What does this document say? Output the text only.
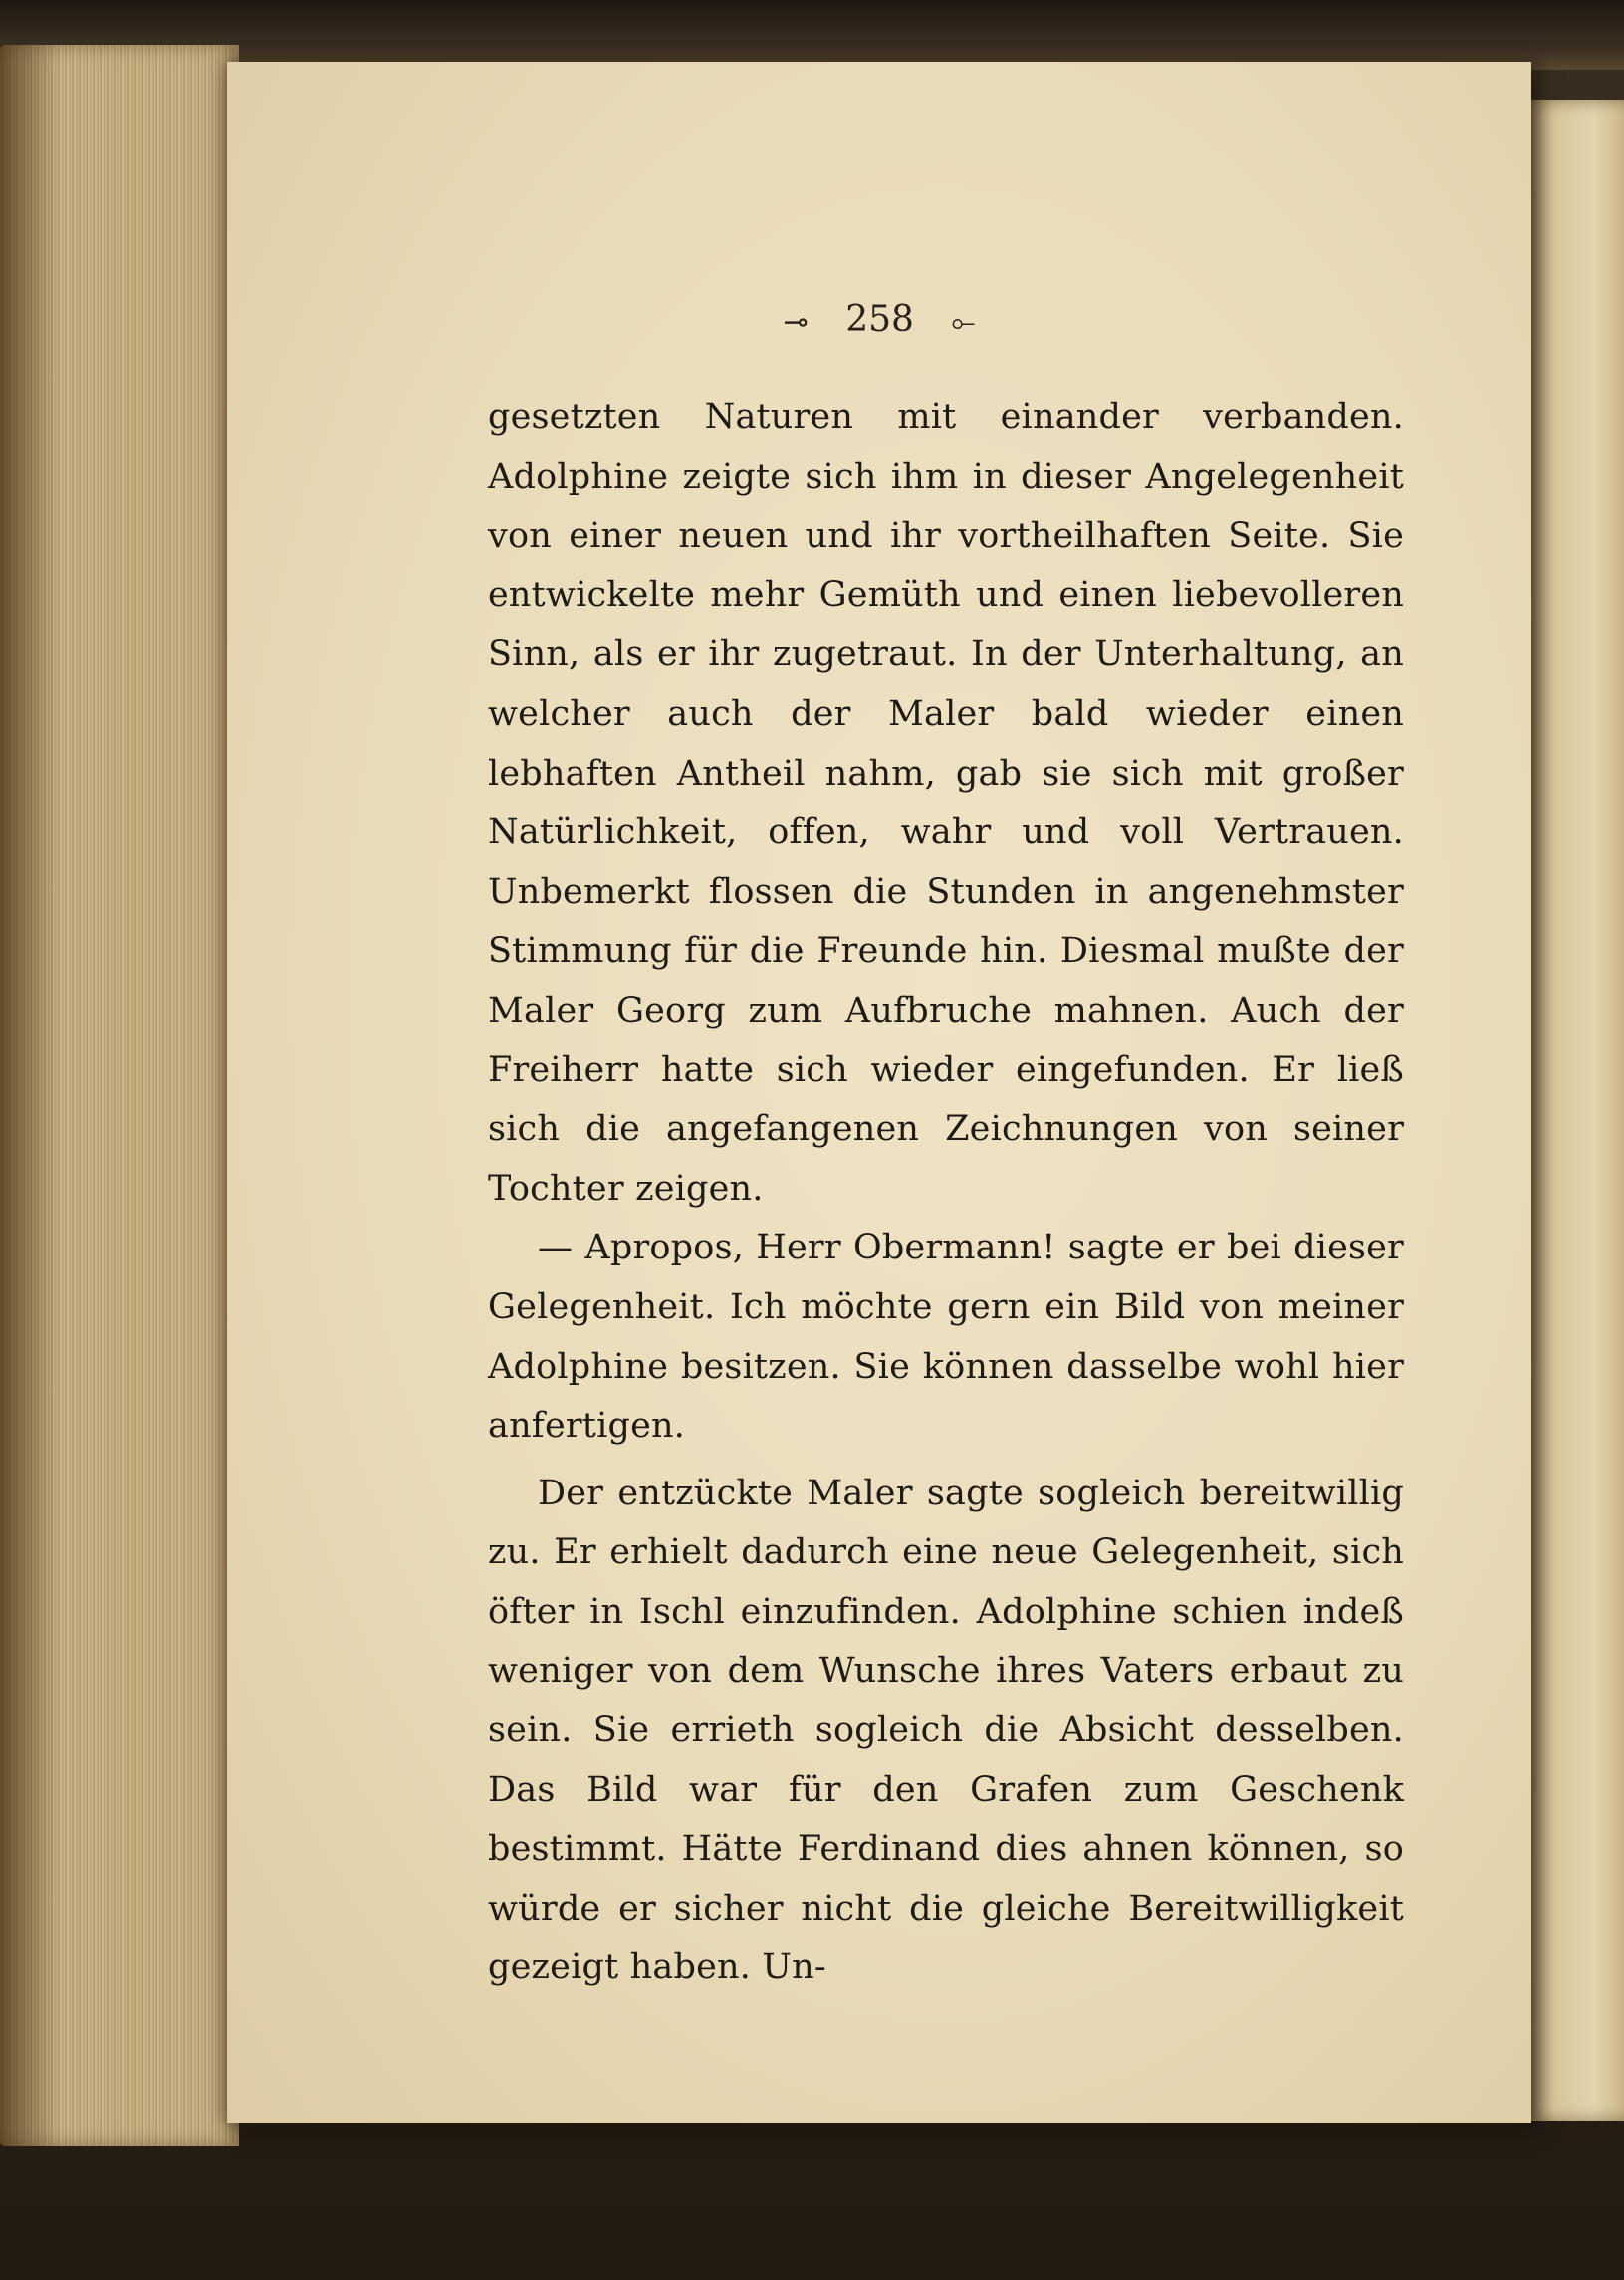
⊸ 258 ⟜

gesetzten Naturen mit einander verbanden. Adolphine zeigte sich ihm in dieser Angelegenheit von einer neuen und ihr vortheilhaften Seite. Sie entwickelte mehr Gemüth und einen liebevolleren Sinn, als er ihr zugetraut. In der Unterhaltung, an welcher auch der Maler bald wieder einen lebhaften Antheil nahm, gab sie sich mit großer Natürlichkeit, offen, wahr und voll Vertrauen. Unbemerkt flossen die Stunden in angenehmster Stimmung für die Freunde hin. Diesmal mußte der Maler Georg zum Aufbruche mahnen. Auch der Freiherr hatte sich wieder eingefunden. Er ließ sich die angefangenen Zeichnungen von seiner Tochter zeigen.

— Apropos, Herr Obermann! sagte er bei dieser Gelegenheit. Ich möchte gern ein Bild von meiner Adolphine besitzen. Sie können dasselbe wohl hier anfertigen.

Der entzückte Maler sagte sogleich bereitwillig zu. Er erhielt dadurch eine neue Gelegenheit, sich öfter in Ischl einzufinden. Adolphine schien indeß weniger von dem Wunsche ihres Vaters erbaut zu sein. Sie errieth sogleich die Absicht desselben. Das Bild war für den Grafen zum Geschenk bestimmt. Hätte Ferdinand dies ahnen können, so würde er sicher nicht die gleiche Bereitwilligkeit gezeigt haben. Un-
